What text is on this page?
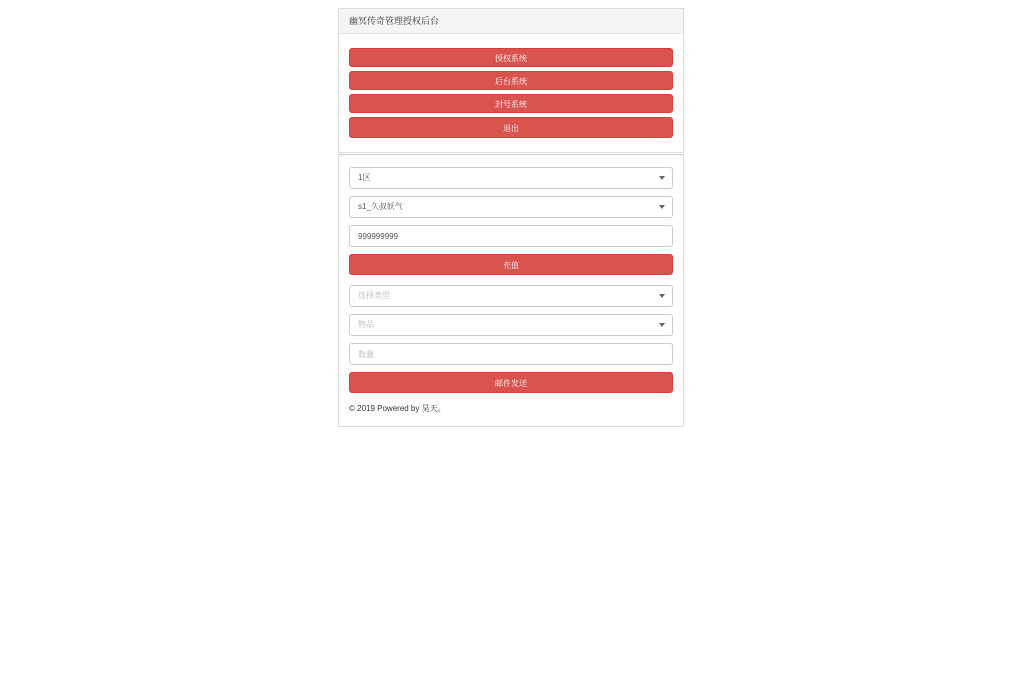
幽冥传奇管理授权后台
授权系统
后台系统
封号系统
退出
1区
s1_久叔妖气
999999999
充值
选择类型
物品
数量
邮件发送
© 2019 Powered by 昊天。
